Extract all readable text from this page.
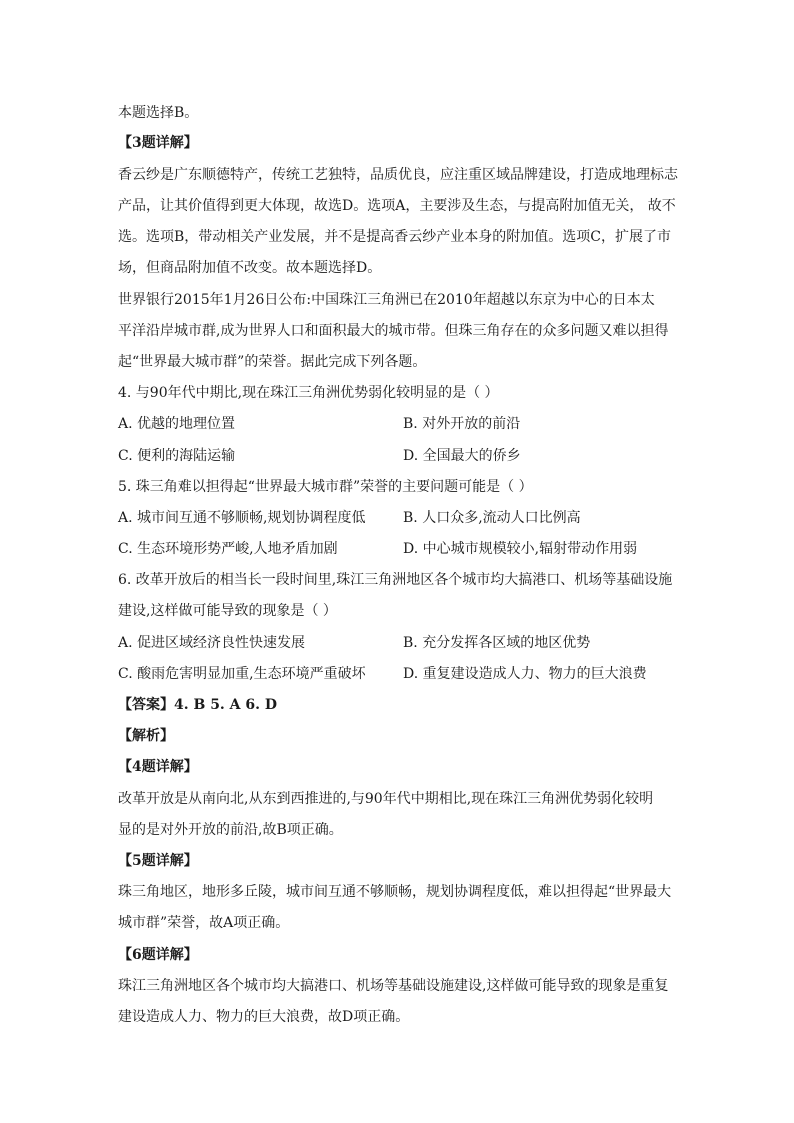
本题选择B。
【3题详解】
香云纱是广东顺德特产，传统工艺独特，品质优良，应注重区域品牌建设，打造成地理标志
产品，让其价值得到更大体现，故选D。选项A，主要涉及生态，与提高附加值无关， 故不
选。选项B，带动相关产业发展，并不是提高香云纱产业本身的附加值。选项C，扩展了市
场，但商品附加值不改变。故本题选择D。
世界银行2015年1月26日公布:中国珠江三角洲已在2010年超越以东京为中心的日本太
平洋沿岸城市群,成为世界人口和面积最大的城市带。但珠三角存在的众多问题又难以担得
起“世界最大城市群”的荣誉。据此完成下列各题。
4. 与90年代中期比,现在珠江三角洲优势弱化较明显的是（ ）
A. 优越的地理位置	B. 对外开放的前沿
C. 便利的海陆运输	D. 全国最大的侨乡
5. 珠三角难以担得起“世界最大城市群”荣誉的主要问题可能是（ ）
A. 城市间互通不够顺畅,规划协调程度低	B. 人口众多,流动人口比例高
C. 生态环境形势严峻,人地矛盾加剧	D. 中心城市规模较小,辐射带动作用弱
6. 改革开放后的相当长一段时间里,珠江三角洲地区各个城市均大搞港口、机场等基础设施
建设,这样做可能导致的现象是（ ）
A. 促进区域经济良性快速发展	B. 充分发挥各区域的地区优势
C. 酸雨危害明显加重,生态环境严重破坏	D. 重复建设造成人力、物力的巨大浪费
【答案】4. B 5. A 6. D
【解析】
【4题详解】
改革开放是从南向北,从东到西推进的,与90年代中期相比,现在珠江三角洲优势弱化较明
显的是对外开放的前沿,故B项正确。
【5题详解】
珠三角地区，地形多丘陵，城市间互通不够顺畅，规划协调程度低，难以担得起“世界最大
城市群”荣誉，故A项正确。
【6题详解】
珠江三角洲地区各个城市均大搞港口、机场等基础设施建设,这样做可能导致的现象是重复
建设造成人力、物力的巨大浪费，故D项正确。
